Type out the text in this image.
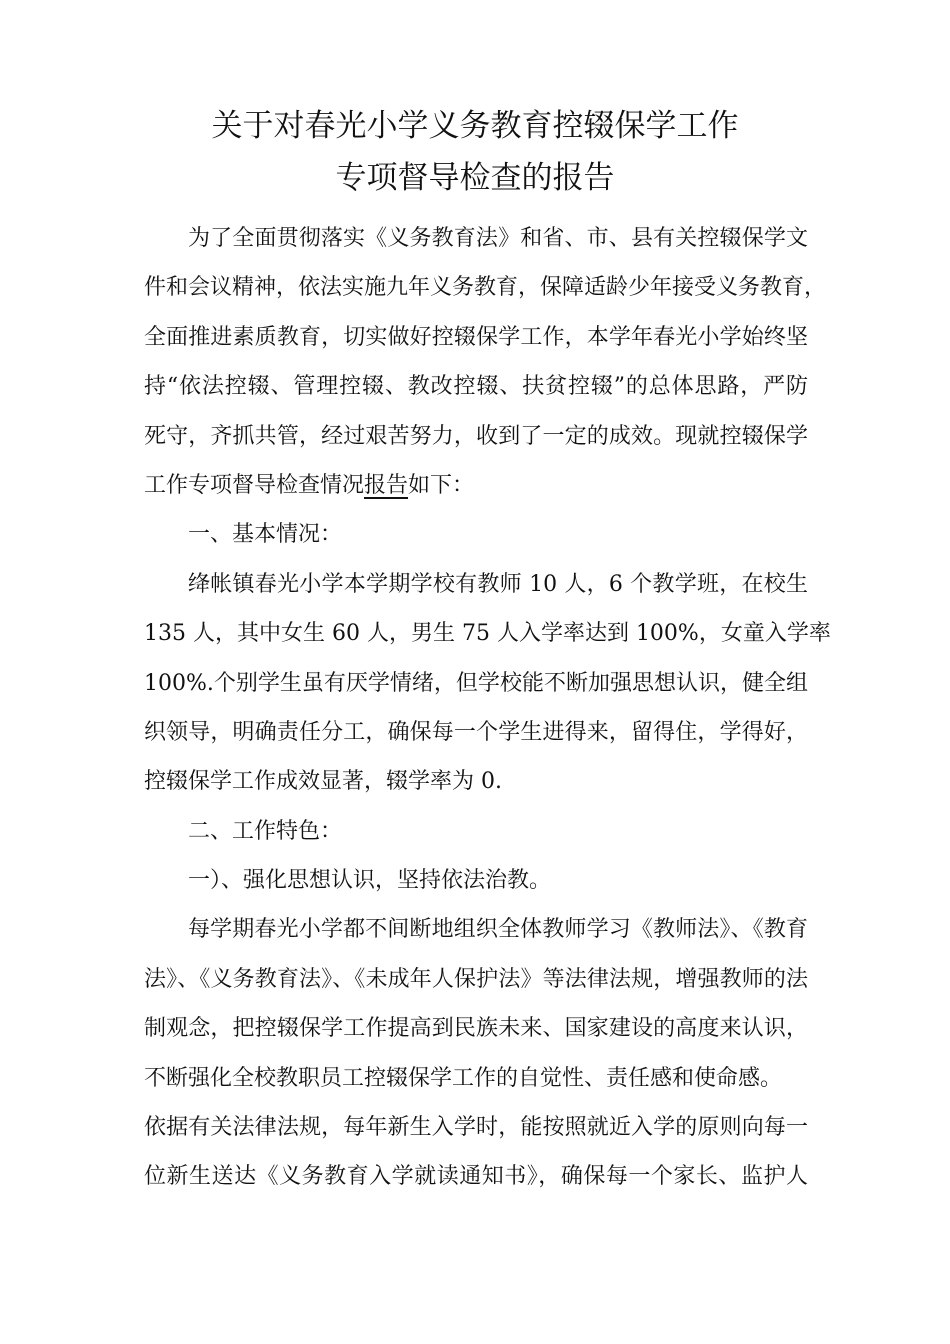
关于对春光小学义务教育控辍保学工作
专项督导检查的报告
为了全面贯彻落实《义务教育法》和省、市、县有关控辍保学文
件和会议精神，依法实施九年义务教育，保障适龄少年接受义务教育，
全面推进素质教育，切实做好控辍保学工作，本学年春光小学始终坚
持“依法控辍、管理控辍、教改控辍、扶贫控辍”的总体思路，严防
死守，齐抓共管，经过艰苦努力，收到了一定的成效。现就控辍保学
工作专项督导检查情况报告如下：
一、基本情况：
绛帐镇春光小学本学期学校有教师 10 人，6 个教学班，在校生
135 人，其中女生 60 人，男生 75 人入学率达到 100%，女童入学率
100%.个别学生虽有厌学情绪，但学校能不断加强思想认识，健全组
织领导，明确责任分工，确保每一个学生进得来，留得住，学得好，
控辍保学工作成效显著，辍学率为 0.
二、工作特色：
一）、强化思想认识，坚持依法治教。
每学期春光小学都不间断地组织全体教师学习《教师法》、《教育
法》、《义务教育法》、《未成年人保护法》等法律法规，增强教师的法
制观念，把控辍保学工作提高到民族未来、国家建设的高度来认识，
不断强化全校教职员工控辍保学工作的自觉性、责任感和使命感。
依据有关法律法规，每年新生入学时，能按照就近入学的原则向每一
位新生送达《义务教育入学就读通知书》，确保每一个家长、监护人
